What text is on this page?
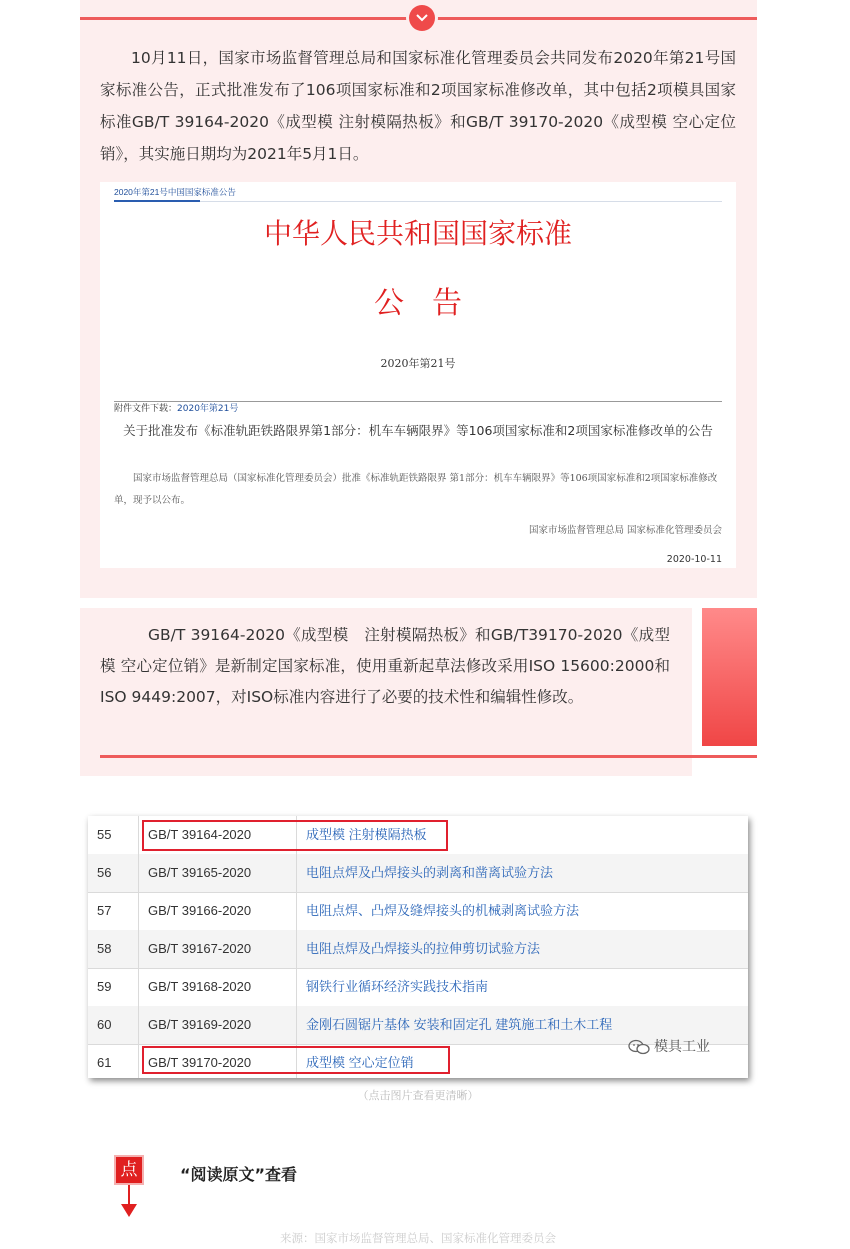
10月11日，国家市场监督管理总局和国家标准化管理委员会共同发布2020年第21号国家标准公告，正式批准发布了106项国家标准和2项国家标准修改单，其中包括2项模具国家标准GB/T 39164-2020《成型模 注射模隔热板》和GB/T 39170-2020《成型模 空心定位销》，其实施日期均为2021年5月1日。

2020年第21号中国国家标准公告
中华人民共和国国家标准
公告
2020年第21号
附件文件下载：2020年第21号
关于批准发布《标准轨距铁路限界第1部分：机车车辆限界》等106项国家标准和2项国家标准修改单的公告
国家市场监督管理总局（国家标准化管理委员会）批准《标准轨距铁路限界 第1部分：机车车辆限界》等106项国家标准和2项国家标准修改单，现予以公布。
国家市场监督管理总局 国家标准化管理委员会
2020-10-11

GB/T 39164-2020《成型模　注射模隔热板》和GB/T39170-2020《成型模 空心定位销》是新制定国家标准，使用重新起草法修改采用ISO 15600:2000和ISO 9449:2007，对ISO标准内容进行了必要的技术性和编辑性修改。

55	GB/T 39164-2020	成型模 注射模隔热板
56	GB/T 39165-2020	电阻点焊及凸焊接头的剥离和凿离试验方法
57	GB/T 39166-2020	电阻点焊、凸焊及缝焊接头的机械剥离试验方法
58	GB/T 39167-2020	电阻点焊及凸焊接头的拉伸剪切试验方法
59	GB/T 39168-2020	钢铁行业循环经济实践技术指南
60	GB/T 39169-2020	金刚石圆锯片基体 安装和固定孔 建筑施工和土木工程
61	GB/T 39170-2020	成型模 空心定位销
模具工业
（点击图片查看更清晰）
点	“阅读原文”查看
来源：国家市场监督管理总局、国家标准化管理委员会
